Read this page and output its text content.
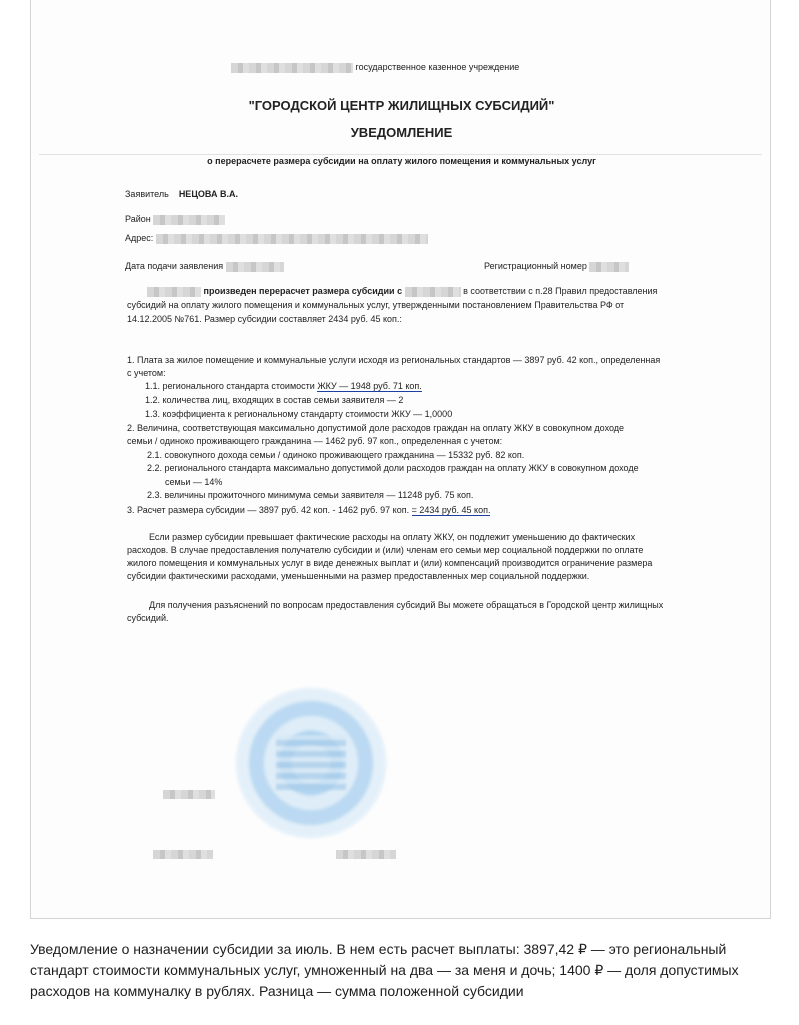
государственное казенное учреждение
"ГОРОДСКОЙ ЦЕНТР ЖИЛИЩНЫХ СУБСИДИЙ"
УВЕДОМЛЕНИЕ
о перерасчете размера субсидии на оплату жилого помещения и коммунальных услуг
Заявитель НЕЦОВА В.А.
Район
Адрес:
Дата подачи заявления	Регистрационный номер
произведен перерасчет размера субсидии с	в соответствии с п.28 Правил предоставления
субсидий на оплату жилого помещения и коммунальных услуг, утвержденными постановлением Правительства РФ от
14.12.2005 №761. Размер субсидии составляет 2434 руб. 45 коп.:
1. Плата за жилое помещение и коммунальные услуги исходя из региональных стандартов — 3897 руб. 42 коп., определенная
с учетом:
1.1. регионального стандарта стоимости ЖКУ — 1948 руб. 71 коп.
1.2. количества лиц, входящих в состав семьи заявителя — 2
1.3. коэффициента к региональному стандарту стоимости ЖКУ — 1,0000
2. Величина, соответствующая максимально допустимой доле расходов граждан на оплату ЖКУ в совокупном доходе
семьи / одиноко проживающего гражданина — 1462 руб. 97 коп., определенная с учетом:
2.1. совокупного дохода семьи / одиноко проживающего гражданина — 15332 руб. 82 коп.
2.2. регионального стандарта максимально допустимой доли расходов граждан на оплату ЖКУ в совокупном доходе
семьи — 14%
2.3. величины прожиточного минимума семьи заявителя — 11248 руб. 75 коп.
3. Расчет размера субсидии — 3897 руб. 42 коп. - 1462 руб. 97 коп. = 2434 руб. 45 коп.
Если размер субсидии превышает фактические расходы на оплату ЖКУ, он подлежит уменьшению до фактических
расходов. В случае предоставления получателю субсидии и (или) членам его семьи мер социальной поддержки по оплате
жилого помещения и коммунальных услуг в виде денежных выплат и (или) компенсаций производится ограничение размера
субсидии фактическими расходами, уменьшенными на размер предоставленных мер социальной поддержки.
Для получения разъяснений по вопросам предоставления субсидий Вы можете обращаться в Городской центр жилищных
субсидий.
Уведомление о назначении субсидии за июль. В нем есть расчет выплаты: 3897,42 ₽ — это региональный стандарт стоимости коммунальных услуг, умноженный на два — за меня и дочь; 1400 ₽ — доля допустимых расходов на коммуналку в рублях. Разница — сумма положенной субсидии
